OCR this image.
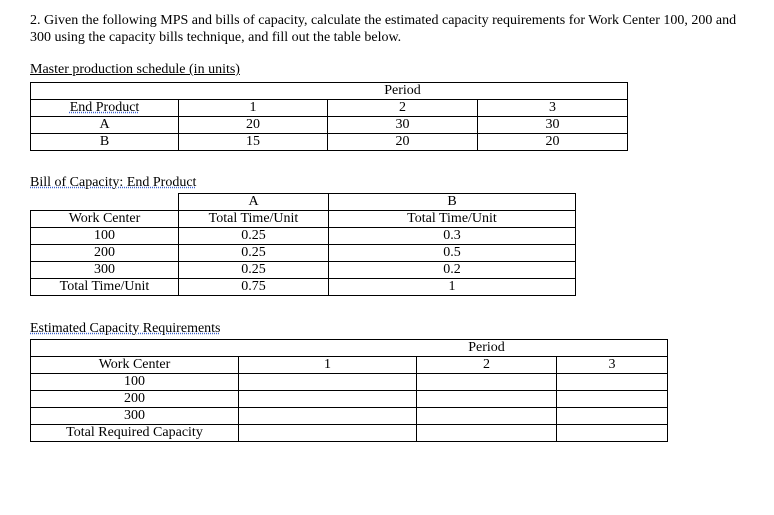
2. Given the following MPS and bills of capacity, calculate the estimated capacity requirements for Work Center 100, 200 and 300 using the capacity bills technique, and fill out the table below.
Master production schedule (in units)
		Period	
End Product	1	2	3
A	20	30	30
B	15	20	20
Bill of Capacity: End Product
	A	B
Work Center	Total Time/Unit	Total Time/Unit
100	0.25	0.3
200	0.25	0.5
300	0.25	0.2
Total Time/Unit	0.75	1
Estimated Capacity Requirements
		Period	
Work Center	1	2	3
100			
200			
300			
Total Required Capacity			
